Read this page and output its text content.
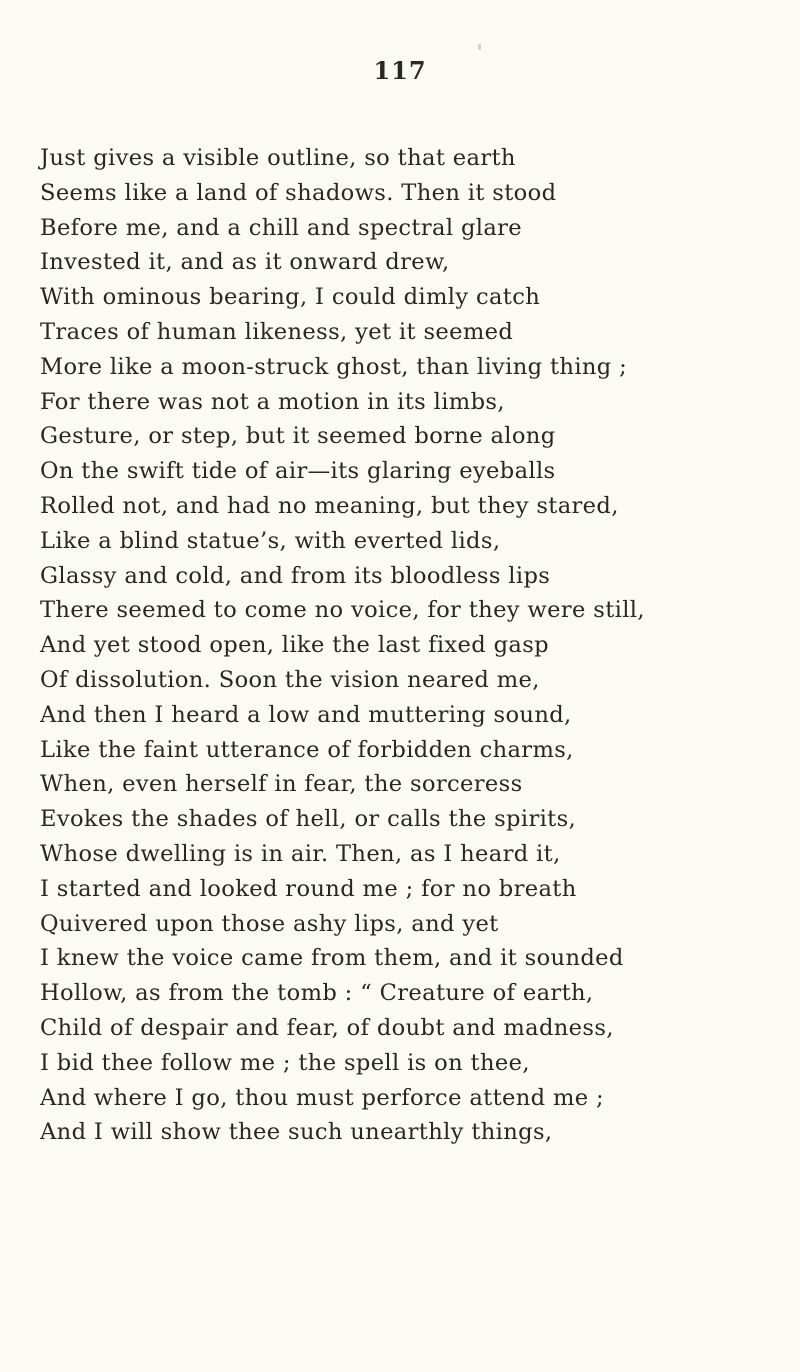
117
Just gives a visible outline, so that earth
Seems like a land of shadows. Then it stood
Before me, and a chill and spectral glare
Invested it, and as it onward drew,
With ominous bearing, I could dimly catch
Traces of human likeness, yet it seemed
More like a moon-struck ghost, than living thing ;
For there was not a motion in its limbs,
Gesture, or step, but it seemed borne along
On the swift tide of air—its glaring eyeballs
Rolled not, and had no meaning, but they stared,
Like a blind statue’s, with everted lids,
Glassy and cold, and from its bloodless lips
There seemed to come no voice, for they were still,
And yet stood open, like the last fixed gasp
Of dissolution. Soon the vision neared me,
And then I heard a low and muttering sound,
Like the faint utterance of forbidden charms,
When, even herself in fear, the sorceress
Evokes the shades of hell, or calls the spirits,
Whose dwelling is in air. Then, as I heard it,
I started and looked round me ; for no breath
Quivered upon those ashy lips, and yet
I knew the voice came from them, and it sounded
Hollow, as from the tomb : “ Creature of earth,
Child of despair and fear, of doubt and madness,
I bid thee follow me ; the spell is on thee,
And where I go, thou must perforce attend me ;
And I will show thee such unearthly things,
